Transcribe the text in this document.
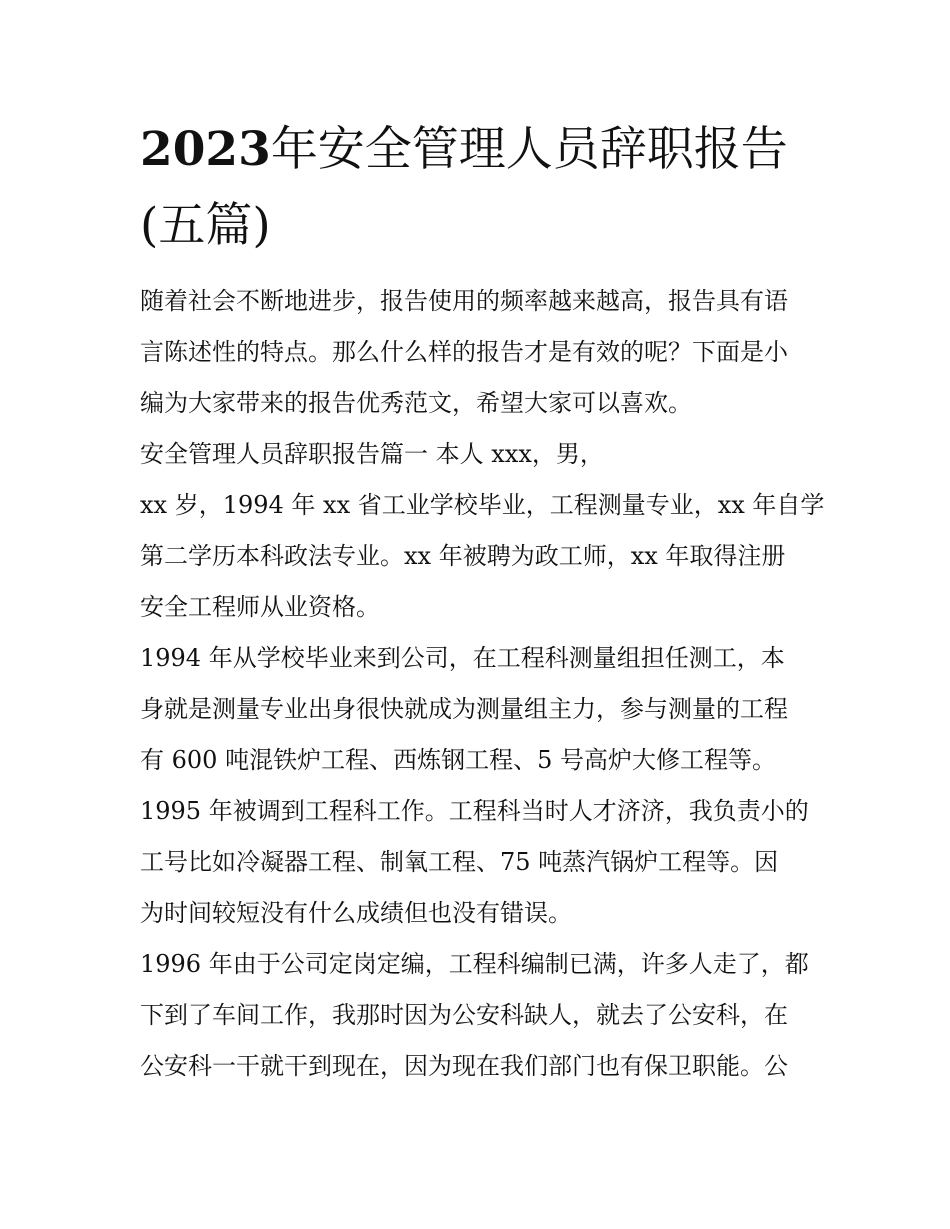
2023年安全管理人员辞职报告
(五篇)
随着社会不断地进步，报告使用的频率越来越高，报告具有语
言陈述性的特点。那么什么样的报告才是有效的呢？下面是小
编为大家带来的报告优秀范文，希望大家可以喜欢。
安全管理人员辞职报告篇一 本人 xxx，男，
xx 岁，1994 年 xx 省工业学校毕业，工程测量专业，xx 年自学
第二学历本科政法专业。xx 年被聘为政工师，xx 年取得注册
安全工程师从业资格。
1994 年从学校毕业来到公司，在工程科测量组担任测工，本
身就是测量专业出身很快就成为测量组主力，参与测量的工程
有 600 吨混铁炉工程、西炼钢工程、5 号高炉大修工程等。
1995 年被调到工程科工作。工程科当时人才济济，我负责小的
工号比如冷凝器工程、制氧工程、75 吨蒸汽锅炉工程等。因
为时间较短没有什么成绩但也没有错误。
1996 年由于公司定岗定编，工程科编制已满，许多人走了，都
下到了车间工作，我那时因为公安科缺人，就去了公安科，在
公安科一干就干到现在，因为现在我们部门也有保卫职能。公
